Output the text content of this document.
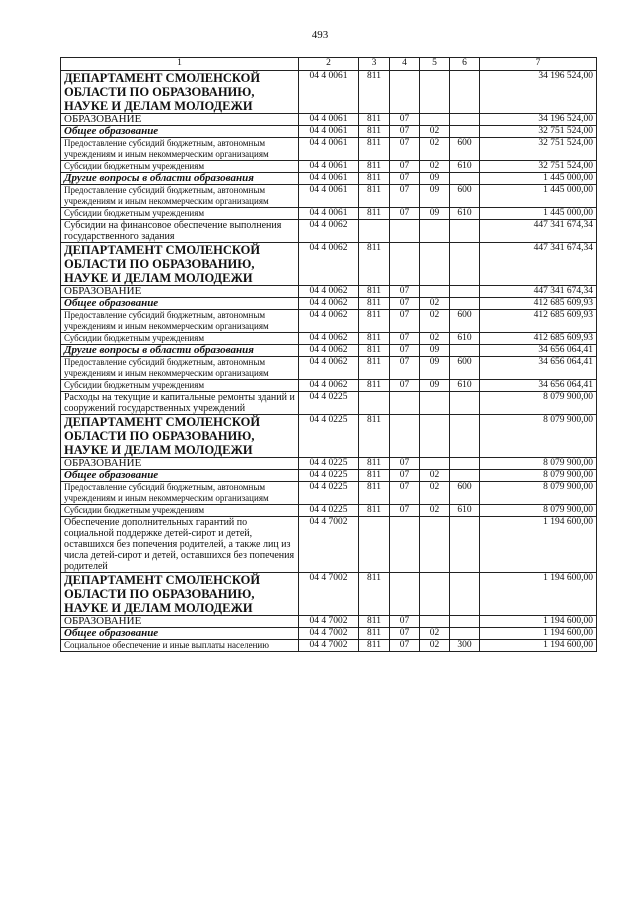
493
1	2	3	4	5	6	7
ДЕПАРТАМЕНТ СМОЛЕНСКОЙ ОБЛАСТИ ПО ОБРАЗОВАНИЮ, НАУКЕ И ДЕЛАМ МОЛОДЕЖИ	04 4 0061	811				34 196 524,00
ОБРАЗОВАНИЕ	04 4 0061	811	07			34 196 524,00
Общее образование	04 4 0061	811	07	02		32 751 524,00
Предоставление субсидий бюджетным, автономным учреждениям и иным некоммерческим организациям	04 4 0061	811	07	02	600	32 751 524,00
Субсидии бюджетным учреждениям	04 4 0061	811	07	02	610	32 751 524,00
Другие вопросы в области образования	04 4 0061	811	07	09		1 445 000,00
Предоставление субсидий бюджетным, автономным учреждениям и иным некоммерческим организациям	04 4 0061	811	07	09	600	1 445 000,00
Субсидии бюджетным учреждениям	04 4 0061	811	07	09	610	1 445 000,00
Субсидии на финансовое обеспечение выполнения государственного задания	04 4 0062					447 341 674,34
ДЕПАРТАМЕНТ СМОЛЕНСКОЙ ОБЛАСТИ ПО ОБРАЗОВАНИЮ, НАУКЕ И ДЕЛАМ МОЛОДЕЖИ	04 4 0062	811				447 341 674,34
ОБРАЗОВАНИЕ	04 4 0062	811	07			447 341 674,34
Общее образование	04 4 0062	811	07	02		412 685 609,93
Предоставление субсидий бюджетным, автономным учреждениям и иным некоммерческим организациям	04 4 0062	811	07	02	600	412 685 609,93
Субсидии бюджетным учреждениям	04 4 0062	811	07	02	610	412 685 609,93
Другие вопросы в области образования	04 4 0062	811	07	09		34 656 064,41
Предоставление субсидий бюджетным, автономным учреждениям и иным некоммерческим организациям	04 4 0062	811	07	09	600	34 656 064,41
Субсидии бюджетным учреждениям	04 4 0062	811	07	09	610	34 656 064,41
Расходы на текущие и капитальные ремонты зданий и сооружений государственных учреждений	04 4 0225					8 079 900,00
ДЕПАРТАМЕНТ СМОЛЕНСКОЙ ОБЛАСТИ ПО ОБРАЗОВАНИЮ, НАУКЕ И ДЕЛАМ МОЛОДЕЖИ	04 4 0225	811				8 079 900,00
ОБРАЗОВАНИЕ	04 4 0225	811	07			8 079 900,00
Общее образование	04 4 0225	811	07	02		8 079 900,00
Предоставление субсидий бюджетным, автономным учреждениям и иным некоммерческим организациям	04 4 0225	811	07	02	600	8 079 900,00
Субсидии бюджетным учреждениям	04 4 0225	811	07	02	610	8 079 900,00
Обеспечение дополнительных гарантий по социальной поддержке детей-сирот и детей, оставшихся без попечения родителей, а также лиц из числа детей-сирот и детей, оставшихся без попечения родителей	04 4 7002					1 194 600,00
ДЕПАРТАМЕНТ СМОЛЕНСКОЙ ОБЛАСТИ ПО ОБРАЗОВАНИЮ, НАУКЕ И ДЕЛАМ МОЛОДЕЖИ	04 4 7002	811				1 194 600,00
ОБРАЗОВАНИЕ	04 4 7002	811	07			1 194 600,00
Общее образование	04 4 7002	811	07	02		1 194 600,00
Социальное обеспечение и иные выплаты населению	04 4 7002	811	07	02	300	1 194 600,00
